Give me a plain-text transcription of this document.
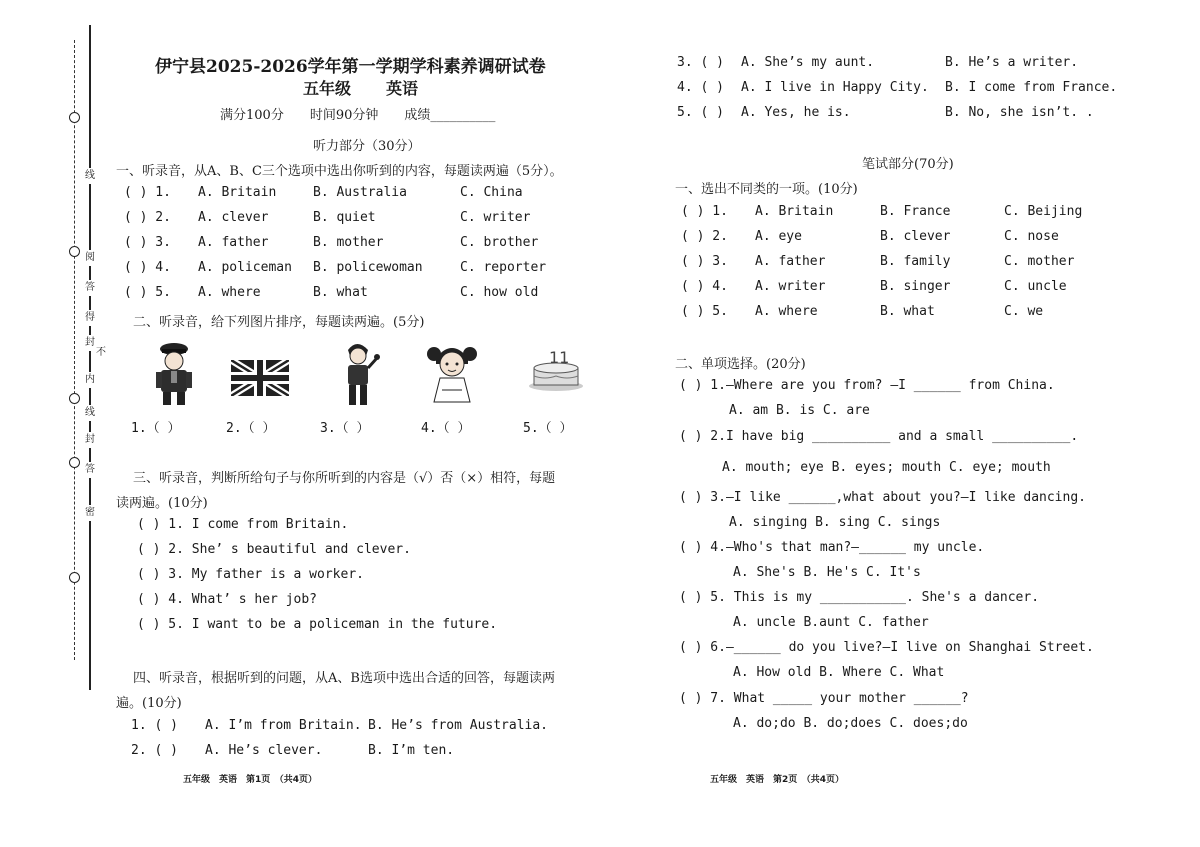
线
阅
答
得
封
不
内
线
封
答
密
伊宁县2025-2026学年第一学期学科素养调研试卷
五年级 英语
满分100分　　时间90分钟　　成绩__________
听力部分（30分）
一、听录音，从A、B、C三个选项中选出你听到的内容，每题读两遍（5分）。
( ) 1. A. Britain	B. Australia	C. China
( ) 2. A. clever	B. quiet	C. writer
( ) 3. A. father	B. mother	C. brother
( ) 4. A. policeman B. policewoman	C. reporter
( ) 5. A. where	B. what	C. how old
二、听录音，给下列图片排序，每题读两遍。(5分)
11
1.（ ）	2.（ ）	3.（ ）	4.（ ）	5.（ ）
三、听录音，判断所给句子与你所听到的内容是（√）否（×）相符，每题
读两遍。(10分)
( ) 1. I come from Britain.
( ) 2. She’ s beautiful and clever.
( ) 3. My father is a worker.
( ) 4. What’ s her job?
( ) 5. I want to be a policeman in the future.
四、听录音，根据听到的问题，从A、B选项中选出合适的回答，每题读两
遍。(10分)
1. ( ) A. I’m from Britain. B. He’s from Australia.
2. ( ) A. He’s clever.	B. I’m ten.
五年级　英语　第1页　（共4页）
3. ( ) A. She’s my aunt.	B. He’s a writer.
4. ( ) A. I live in Happy City. B. I come from France.
5. ( ) A. Yes, he is.	B. No, she isn’t. .
笔试部分(70分)
一、选出不同类的一项。(10分)
( ) 1. A. Britain	B. France	C. Beijing
( ) 2. A. eye	B. clever	C. nose
( ) 3. A. father	B. family	C. mother
( ) 4. A. writer	B. singer	C. uncle
( ) 5. A. where	B. what	C. we
二、单项选择。(20分)
( ) 1.—Where are you from? —I ______ from China.
A. am B. is C. are
( ) 2.I have big __________ and a small __________.
A. mouth; eye B. eyes; mouth C. eye; mouth
( ) 3.—I like ______,what about you?—I like dancing.
A. singing B. sing C. sings
( ) 4.—Who's that man?—______ my uncle.
A. She's B. He's C. It's
( ) 5. This is my ___________. She's a dancer.
A. uncle B.aunt C. father
( ) 6.—______ do you live?—I live on Shanghai Street.
A. How old B. Where C. What
( ) 7. What _____ your mother ______?
A. do;do B. do;does C. does;do
五年级　英语　第2页　（共4页）
